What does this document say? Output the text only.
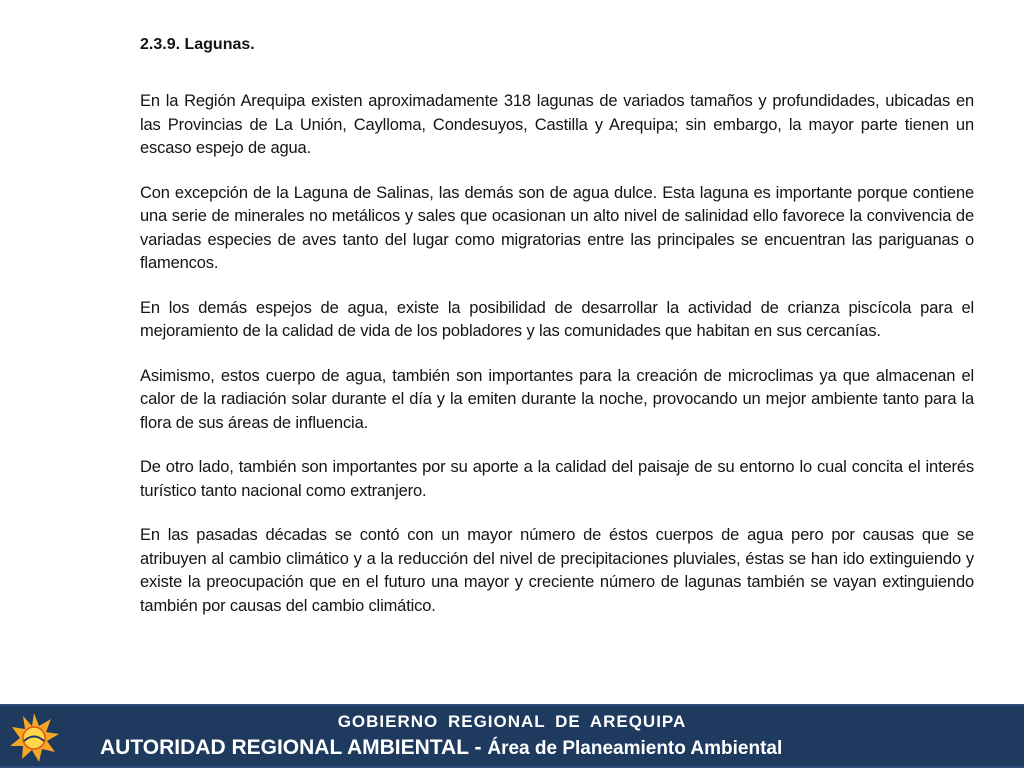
2.3.9. Lagunas.

En la Región Arequipa existen aproximadamente 318 lagunas de variados tamaños y profundidades, ubicadas en las Provincias de La Unión, Caylloma, Condesuyos, Castilla y Arequipa; sin embargo, la mayor parte tienen un escaso espejo de agua.

Con excepción de la Laguna de Salinas, las demás son de agua dulce. Esta laguna es importante porque contiene una serie de minerales no metálicos y sales que ocasionan un alto nivel de salinidad ello favorece la convivencia de variadas especies de aves tanto del lugar como migratorias entre las principales se encuentran las pariguanas o flamencos.

En los demás espejos de agua, existe la posibilidad de desarrollar la actividad de crianza piscícola para el mejoramiento de la calidad de vida de los pobladores y las comunidades que habitan en sus cercanías.

Asimismo, estos cuerpo de agua, también son importantes para la creación de microclimas ya que almacenan el calor de la radiación solar durante el día y la emiten durante la noche, provocando un mejor ambiente tanto para la flora de sus áreas de influencia.

De otro lado, también son importantes por su aporte a la calidad del paisaje de su entorno lo cual concita el interés turístico tanto nacional como extranjero.

En las pasadas décadas se contó con un mayor número de éstos cuerpos de agua pero por causas que se atribuyen al cambio climático y a la reducción del nivel de precipitaciones pluviales, éstas se han ido extinguiendo y existe la preocupación que en el futuro una mayor y creciente número de lagunas también se vayan extinguiendo también por causas del cambio climático.

GOBIERNO REGIONAL DE AREQUIPA
AUTORIDAD REGIONAL AMBIENTAL - Área de Planeamiento Ambiental
